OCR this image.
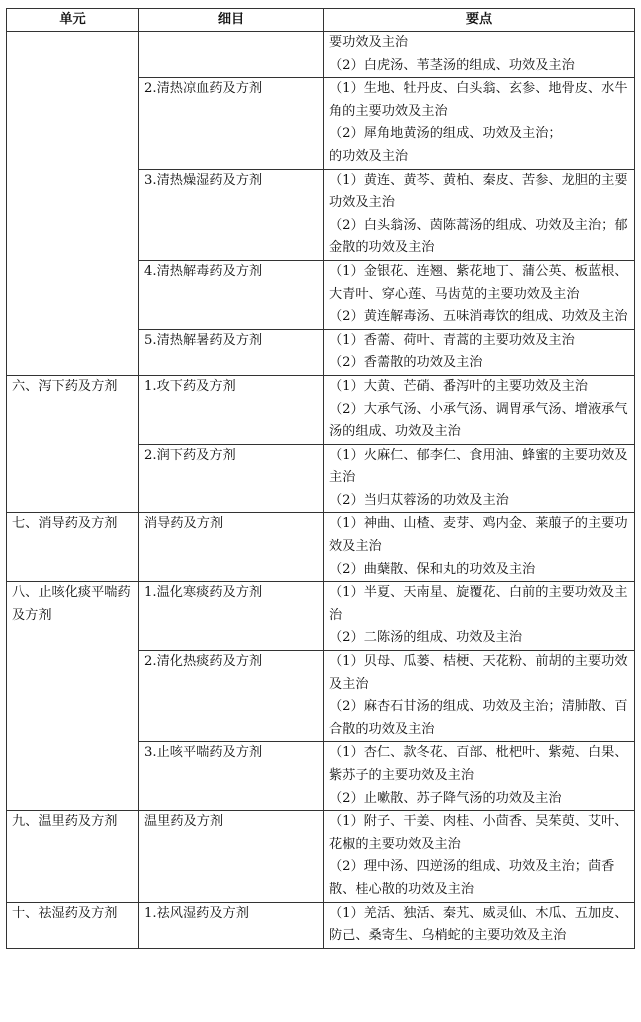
单元	细目	要点

		要功效及主治
（2）白虎汤、苇茎汤的组成、功效及主治

	2.清热凉血药及方剂	（1）生地、牡丹皮、白头翁、玄参、地骨皮、水牛角的主要功效及主治
（2）犀角地黄汤的组成、功效及主治；
的功效及主治

	3.清热燥湿药及方剂	（1）黄连、黄芩、黄柏、秦皮、苦参、龙胆的主要功效及主治
（2）白头翁汤、茵陈蒿汤的组成、功效及主治；郁金散的功效及主治

	4.清热解毒药及方剂	（1）金银花、连翘、紫花地丁、蒲公英、板蓝根、大青叶、穿心莲、马齿苋的主要功效及主治
（2）黄连解毒汤、五味消毒饮的组成、功效及主治

	5.清热解暑药及方剂	（1）香薷、荷叶、青蒿的主要功效及主治
（2）香薷散的功效及主治

六、泻下药及方剂	1.攻下药及方剂	（1）大黄、芒硝、番泻叶的主要功效及主治
（2）大承气汤、小承气汤、调胃承气汤、增液承气汤的组成、功效及主治

	2.润下药及方剂	（1）火麻仁、郁李仁、食用油、蜂蜜的主要功效及主治
（2）当归苁蓉汤的功效及主治

七、消导药及方剂	消导药及方剂	（1）神曲、山楂、麦芽、鸡内金、莱菔子的主要功效及主治
（2）曲蘖散、保和丸的功效及主治

八、止咳化痰平喘药及方剂	1.温化寒痰药及方剂	（1）半夏、天南星、旋覆花、白前的主要功效及主治
（2）二陈汤的组成、功效及主治

	2.清化热痰药及方剂	（1）贝母、瓜蒌、桔梗、天花粉、前胡的主要功效及主治
（2）麻杏石甘汤的组成、功效及主治；清肺散、百合散的功效及主治

	3.止咳平喘药及方剂	（1）杏仁、款冬花、百部、枇杷叶、紫菀、白果、紫苏子的主要功效及主治
（2）止嗽散、苏子降气汤的功效及主治

九、温里药及方剂	温里药及方剂	（1）附子、干姜、肉桂、小茴香、吴茱萸、艾叶、花椒的主要功效及主治
（2）理中汤、四逆汤的组成、功效及主治；茴香散、桂心散的功效及主治

十、祛湿药及方剂	1.祛风湿药及方剂	（1）羌活、独活、秦艽、威灵仙、木瓜、五加皮、防己、桑寄生、乌梢蛇的主要功效及主治
